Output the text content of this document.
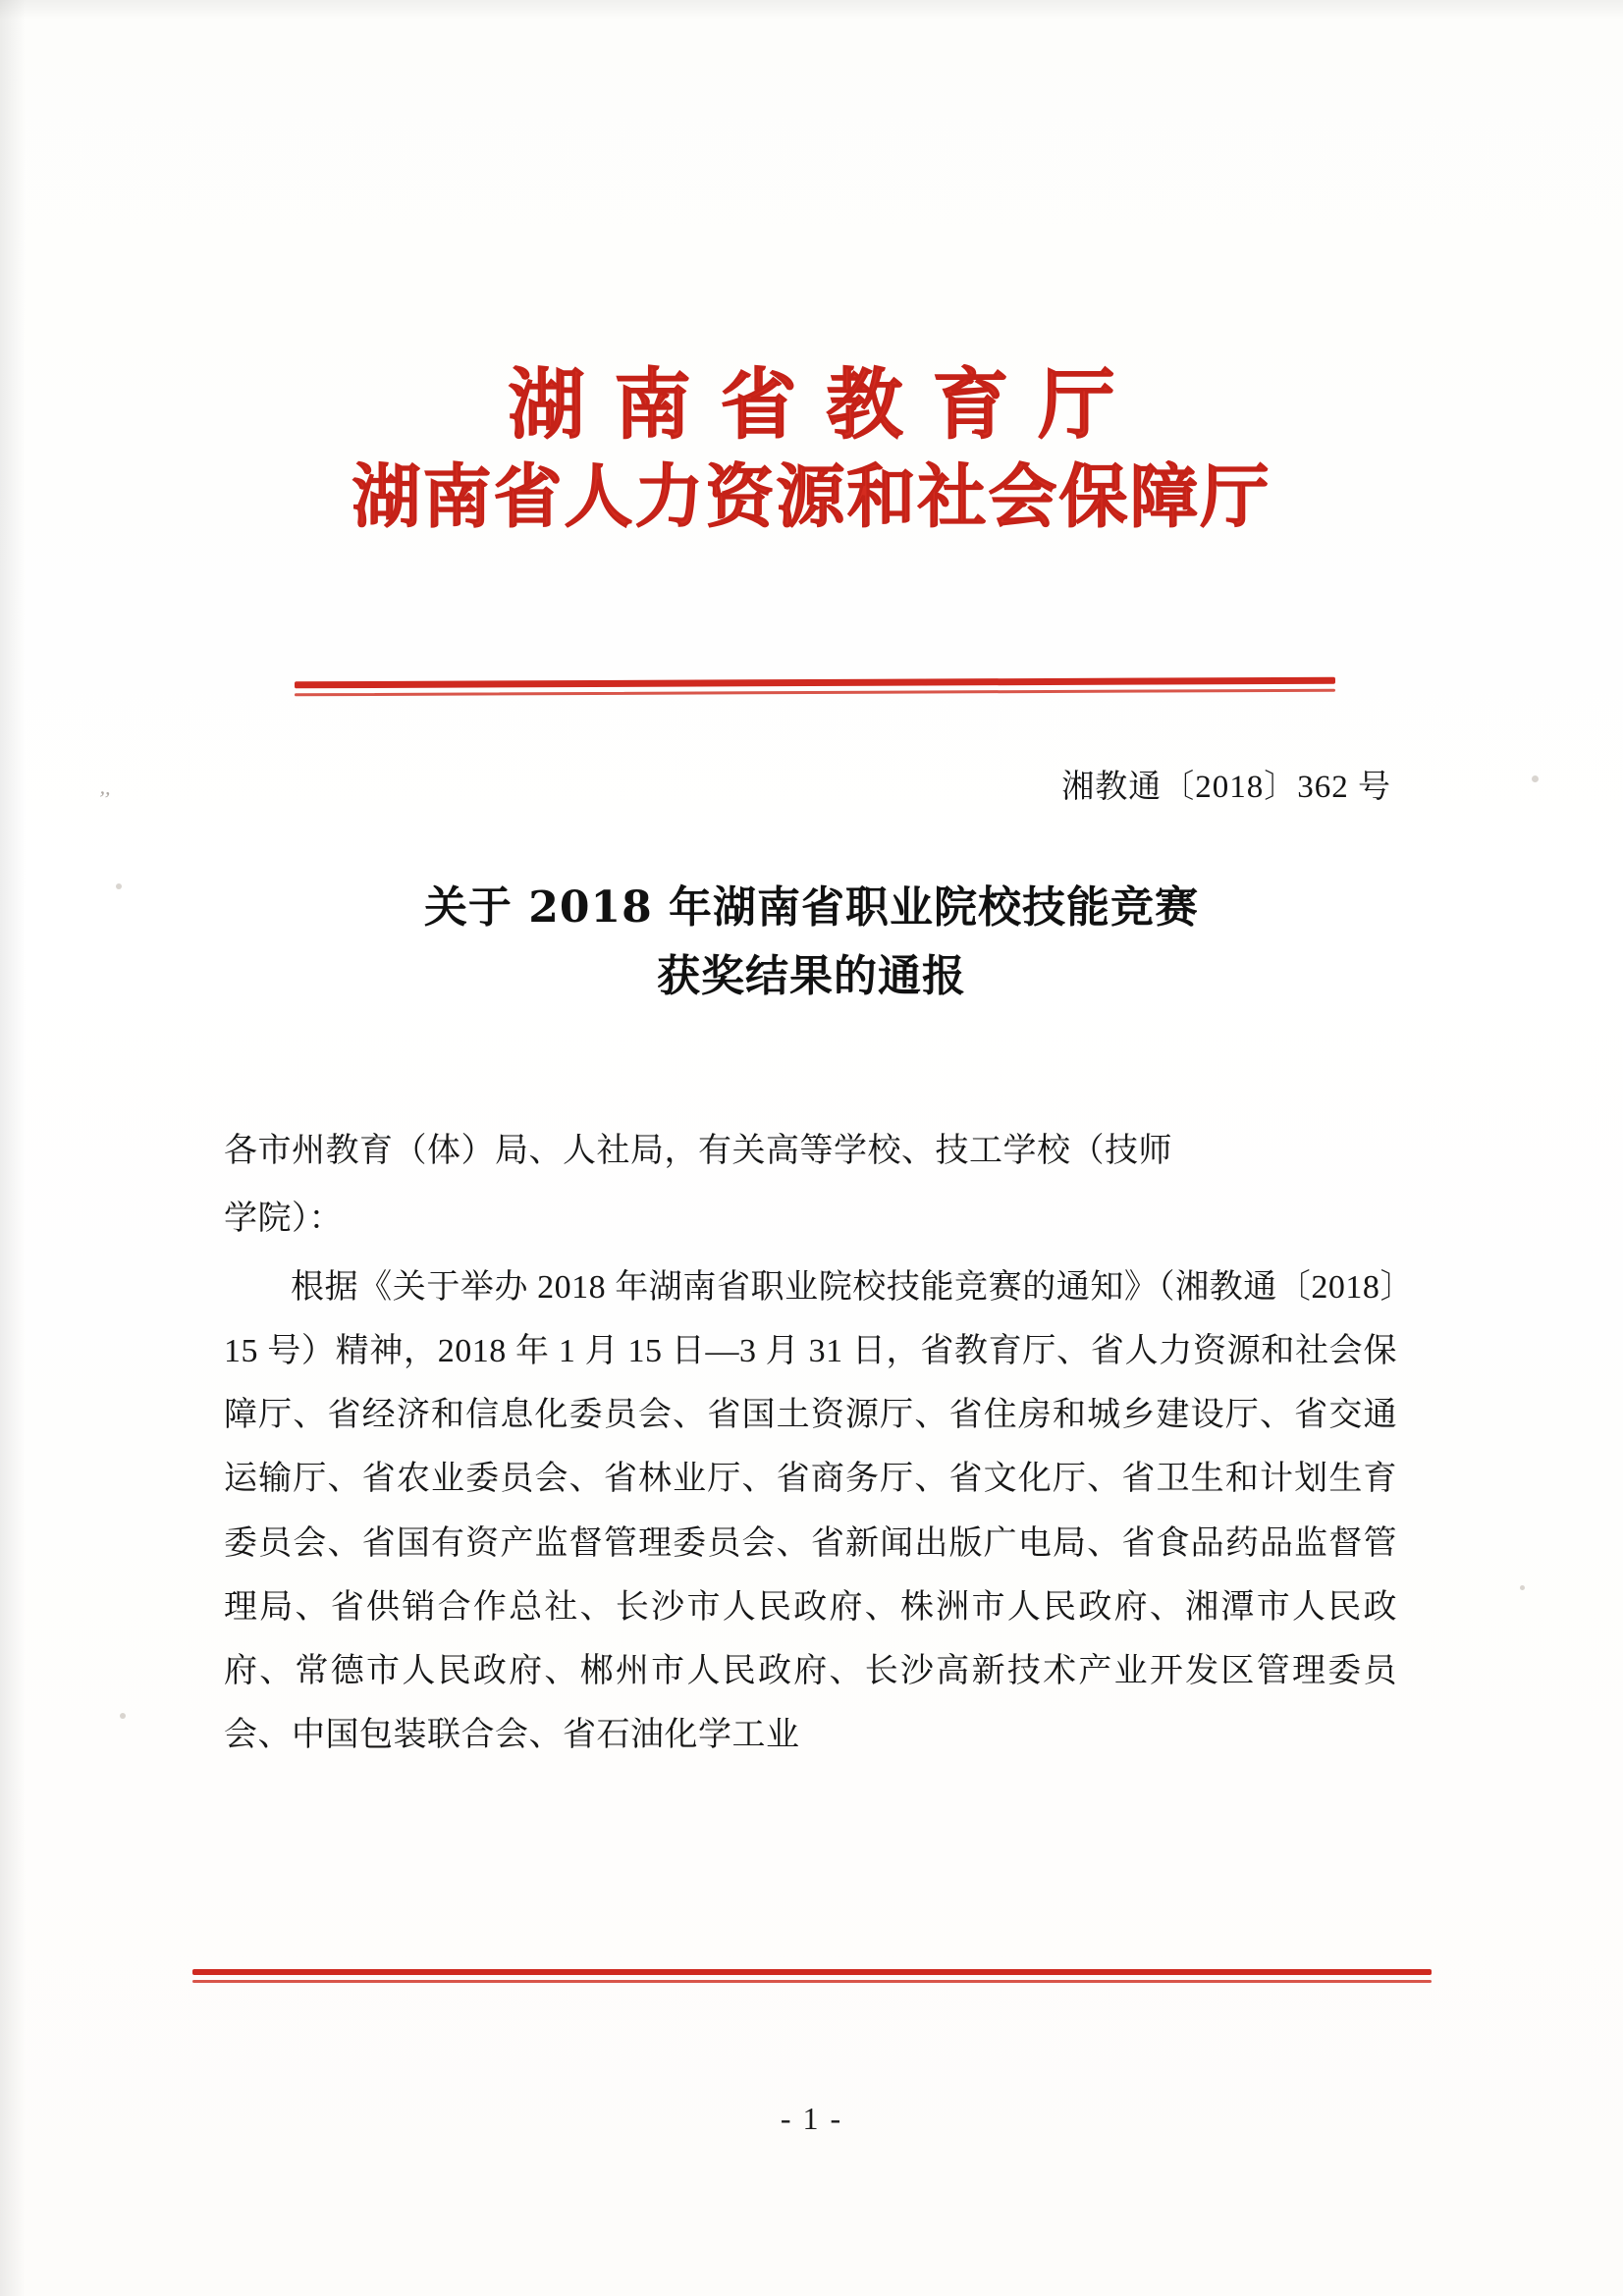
湖南省教育厅
湖南省人力资源和社会保障厅
湘教通〔2018〕362 号
关于 2018 年湖南省职业院校技能竞赛
获奖结果的通报

各市州教育（体）局、人社局，有关高等学校、技工学校（技师

学院）：

根据《关于举办 2018 年湖南省职业院校技能竞赛的通知》（湘教通〔2018〕15 号）精神，2018 年 1 月 15 日—3 月 31 日，省教育厅、省人力资源和社会保障厅、省经济和信息化委员会、省国土资源厅、省住房和城乡建设厅、省交通运输厅、省农业委员会、省林业厅、省商务厅、省文化厅、省卫生和计划生育委员会、省国有资产监督管理委员会、省新闻出版广电局、省食品药品监督管理局、省供销合作总社、长沙市人民政府、株洲市人民政府、湘潭市人民政府、常德市人民政府、郴州市人民政府、长沙高新技术产业开发区管理委员会、中国包装联合会、省石油化学工业

- 1 -
,,
